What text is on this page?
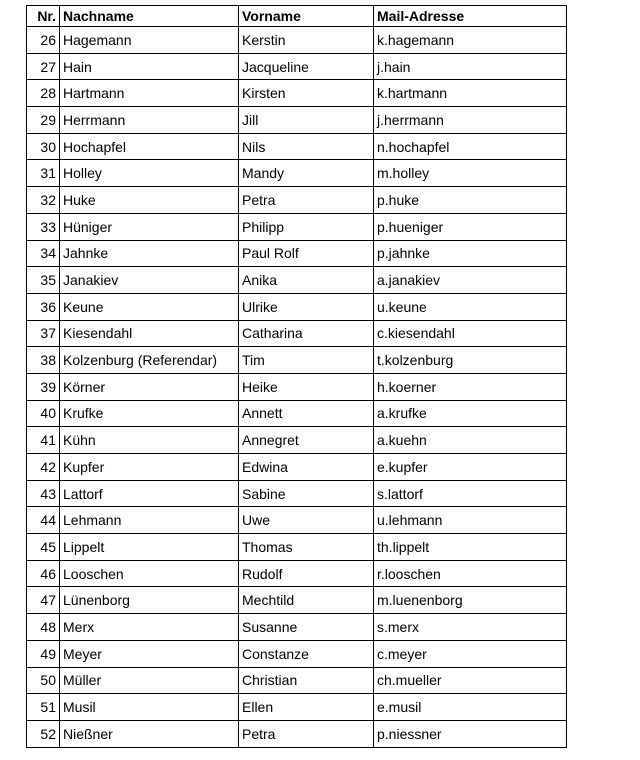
Nr.	Nachname	Vorname	Mail-Adresse
26	Hagemann	Kerstin	k.hagemann
27	Hain	Jacqueline	j.hain
28	Hartmann	Kirsten	k.hartmann
29	Herrmann	Jill	j.herrmann
30	Hochapfel	Nils	n.hochapfel
31	Holley	Mandy	m.holley
32	Huke	Petra	p.huke
33	Hüniger	Philipp	p.hueniger
34	Jahnke	Paul Rolf	p.jahnke
35	Janakiev	Anika	a.janakiev
36	Keune	Ulrike	u.keune
37	Kiesendahl	Catharina	c.kiesendahl
38	Kolzenburg (Referendar)	Tim	t.kolzenburg
39	Körner	Heike	h.koerner
40	Krufke	Annett	a.krufke
41	Kühn	Annegret	a.kuehn
42	Kupfer	Edwina	e.kupfer
43	Lattorf	Sabine	s.lattorf
44	Lehmann	Uwe	u.lehmann
45	Lippelt	Thomas	th.lippelt
46	Looschen	Rudolf	r.looschen
47	Lünenborg	Mechtild	m.luenenborg
48	Merx	Susanne	s.merx
49	Meyer	Constanze	c.meyer
50	Müller	Christian	ch.mueller
51	Musil	Ellen	e.musil
52	Nießner	Petra	p.niessner
